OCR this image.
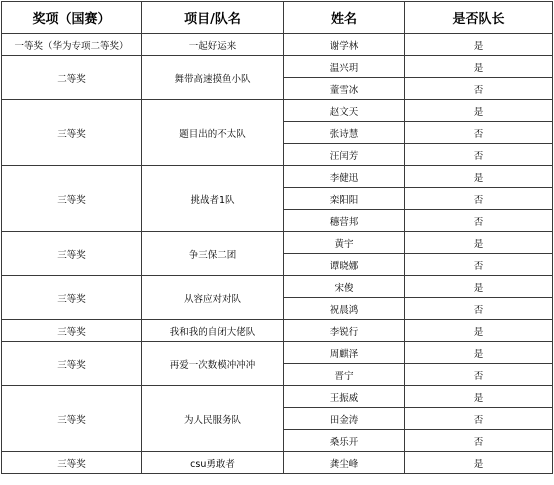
奖项（国赛）	项目/队名	姓名	是否队长
一等奖（华为专项二等奖）	一起好运来	谢学林	是
二等奖	舞带高速摸鱼小队	温兴玥	是
		蕫雪冰	否
三等奖	题目出的不太队	赵文天	是
		张诗慧	否
		汪闰芳	否
三等奖	挑战者1队	李健迅	是
		栾阳阳	否
		穗营邦	否
三等奖	争三保二团	黄宇	是
		谭晓娜	否
三等奖	从容应对对队	宋俊	是
		祝晨鸿	否
三等奖	我和我的自闭大佬队	李锐行	是
三等奖	再爱一次数模冲冲冲	周麒泽	是
		晋宁	否
三等奖	为人民服务队	王振威	是
		田金涛	否
		桑乐开	否
三等奖	csu勇敢者	龚尘峰	是
